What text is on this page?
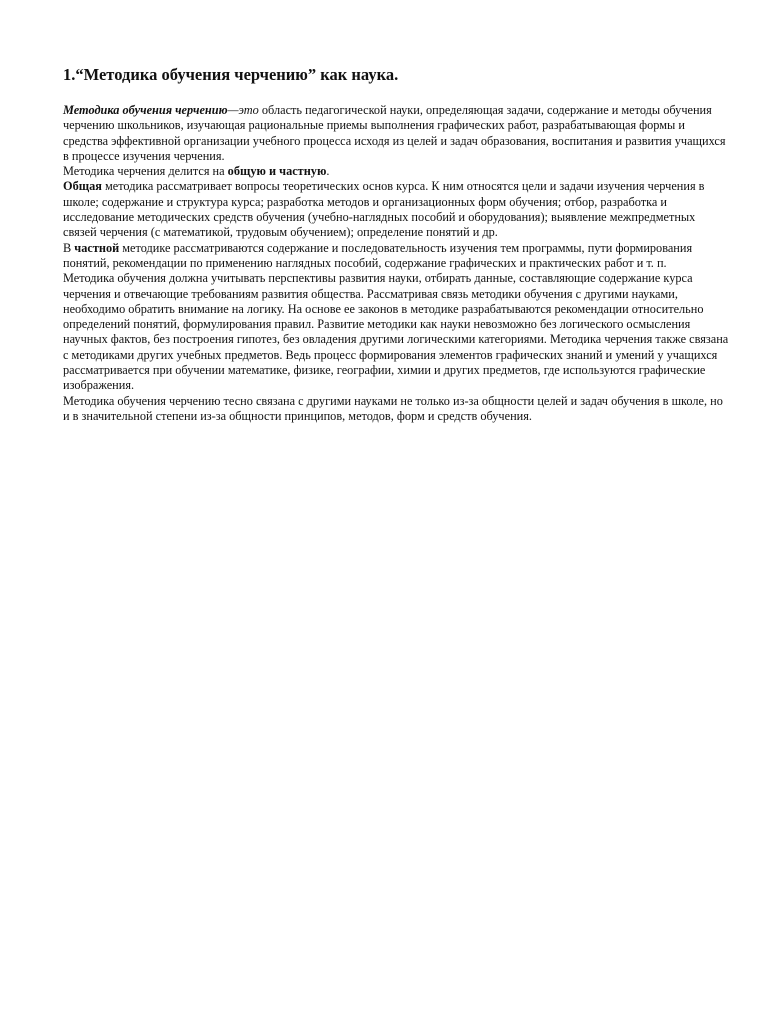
1.“Методика обучения черчению” как наука.

Методика обучения черчению—это область педагогической науки, определяющая задачи, содержание и методы обучения черчению школьников, изучающая рациональные приемы выполнения графических работ, разрабатывающая формы и средства эффективной организации учебного процесса исходя из целей и задач образования, воспитания и развития учащихся в процессе изучения черчения.

Методика черчения делится на общую и частную.

Общая методика рассматривает вопросы теоретических основ курса. К ним относятся цели и задачи изучения черчения в школе; содержание и структура курса; разработка методов и организационных форм обучения; отбор, разработка и исследование методических средств обучения (учебно-наглядных пособий и оборудования); выявление межпредметных связей черчения (с математикой, трудовым обучением); определение понятий и др.

В частной методике рассматриваются содержание и последовательность изучения тем программы, пути формирования понятий, рекомендации по применению наглядных пособий, содержание графических и практических работ и т. п.

Методика обучения должна учитывать перспективы развития науки, отбирать данные, составляющие содержание курса черчения и отвечающие требованиям развития общества. Рассматривая связь методики обучения с другими науками, необходимо обратить внимание на логику. На основе ее законов в методике разрабатываются рекомендации относительно определений понятий, формулирования правил. Развитие методики как науки невозможно без логического осмысления научных фактов, без построения гипотез, без овладения другими логическими категориями. Методика черчения также связана с методиками других учебных предметов. Ведь процесс формирования элементов графических знаний и умений у учащихся рассматривается при обучении математике, физике, географии, химии и других предметов, где используются графические изображения.

Методика обучения черчению тесно связана с другими науками не только из-за общности целей и задач обучения в школе, но и в значительной степени из-за общности принципов, методов, форм и средств обучения.
